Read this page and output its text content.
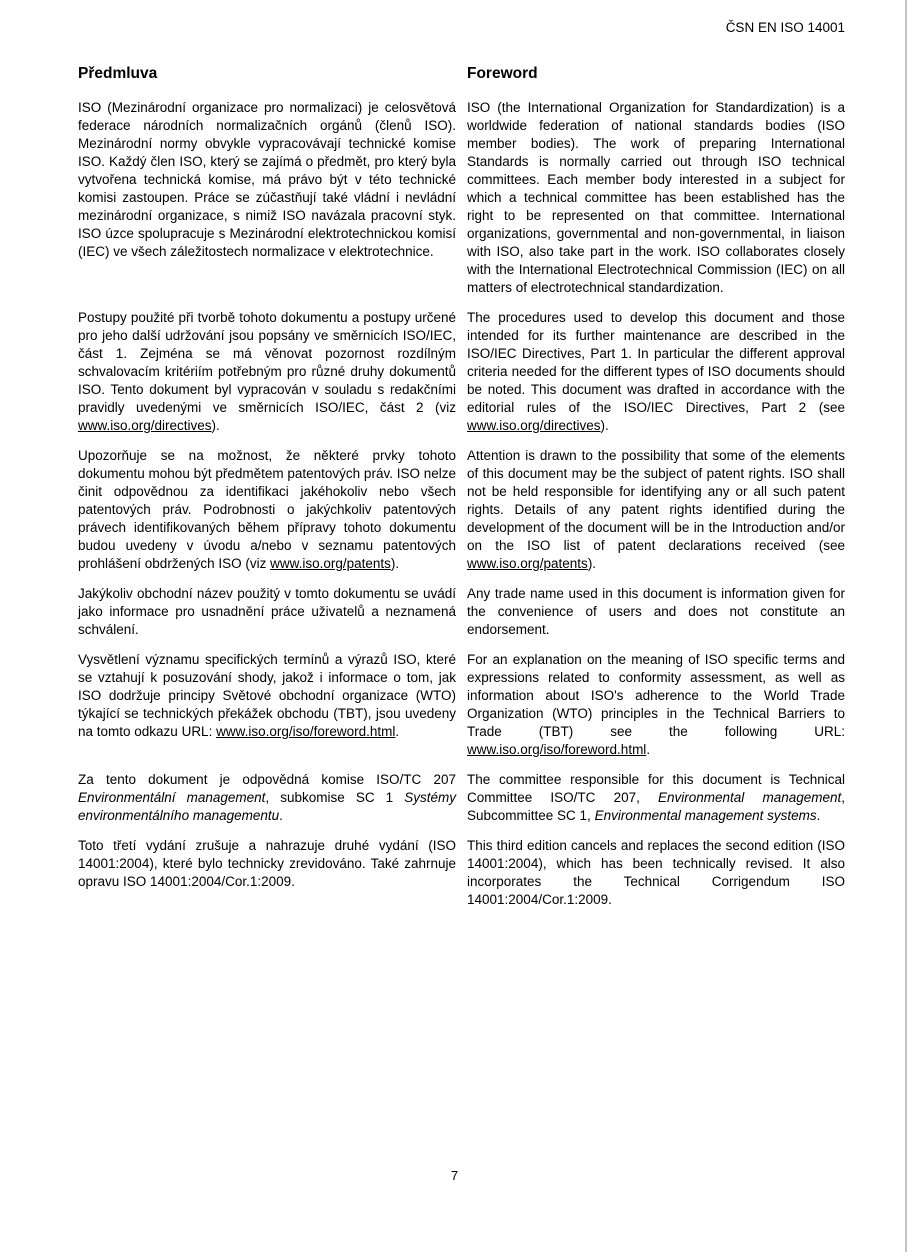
ČSN EN ISO 14001
Předmluva	Foreword

ISO (Mezinárodní organizace pro normalizaci) je celosvětová federace národních normalizačních orgánů (členů ISO). Mezinárodní normy obvykle vypracovávají technické komise ISO. Každý člen ISO, který se zajímá o předmět, pro který byla vytvořena technická komise, má právo být v této technické komisi zastoupen. Práce se zúčastňují také vládní i nevládní mezinárodní organizace, s nimiž ISO navázala pracovní styk. ISO úzce spolupracuje s Mezinárodní elektrotechnickou komisí (IEC) ve všech záležitostech normalizace v elektrotechnice.

ISO (the International Organization for Standardization) is a worldwide federation of national standards bodies (ISO member bodies). The work of preparing International Standards is normally carried out through ISO technical committees. Each member body interested in a subject for which a technical committee has been established has the right to be represented on that committee. International organizations, governmental and non-governmental, in liaison with ISO, also take part in the work. ISO collaborates closely with the International Electrotechnical Commission (IEC) on all matters of electrotechnical standardization.

Postupy použité při tvorbě tohoto dokumentu a postupy určené pro jeho další udržování jsou popsány ve směrnicích ISO/IEC, část 1. Zejména se má věnovat pozornost rozdílným schvalovacím kritériím potřebným pro různé druhy dokumentů ISO. Tento dokument byl vypracován v souladu s redakčními pravidly uvedenými ve směrnicích ISO/IEC, část 2 (viz www.iso.org/directives).

The procedures used to develop this document and those intended for its further maintenance are described in the ISO/IEC Directives, Part 1. In particular the different approval criteria needed for the different types of ISO documents should be noted. This document was drafted in accordance with the editorial rules of the ISO/IEC Directives, Part 2 (see www.iso.org/directives).

Upozorňuje se na možnost, že některé prvky tohoto dokumentu mohou být předmětem patentových práv. ISO nelze činit odpovědnou za identifikaci jakéhokoliv nebo všech patentových práv. Podrobnosti o jakýchkoliv patentových právech identifikovaných během přípravy tohoto dokumentu budou uvedeny v úvodu a/nebo v seznamu patentových prohlášení obdržených ISO (viz www.iso.org/patents).

Attention is drawn to the possibility that some of the elements of this document may be the subject of patent rights. ISO shall not be held responsible for identifying any or all such patent rights. Details of any patent rights identified during the development of the document will be in the Introduction and/or on the ISO list of patent declarations received (see www.iso.org/patents).

Jakýkoliv obchodní název použitý v tomto dokumentu se uvádí jako informace pro usnadnění práce uživatelů a neznamená schválení.

Any trade name used in this document is information given for the convenience of users and does not constitute an endorsement.

Vysvětlení významu specifických termínů a výrazů ISO, které se vztahují k posuzování shody, jakož i informace o tom, jak ISO dodržuje principy Světové obchodní organizace (WTO) týkající se technických překážek obchodu (TBT), jsou uvedeny na tomto odkazu URL: www.iso.org/iso/foreword.html.

For an explanation on the meaning of ISO specific terms and expressions related to conformity assessment, as well as information about ISO's adherence to the World Trade Organization (WTO) principles in the Technical Barriers to Trade (TBT) see the following URL: www.iso.org/iso/foreword.html.

Za tento dokument je odpovědná komise ISO/TC 207 Environmentální management, subkomise SC 1 Systémy environmentálního managementu.

The committee responsible for this document is Technical Committee ISO/TC 207, Environmental management, Subcommittee SC 1, Environmental management systems.

Toto třetí vydání zrušuje a nahrazuje druhé vydání (ISO 14001:2004), které bylo technicky zrevidováno. Také zahrnuje opravu ISO 14001:2004/Cor.1:2009.

This third edition cancels and replaces the second edition (ISO 14001:2004), which has been technically revised. It also incorporates the Technical Corrigendum ISO 14001:2004/Cor.1:2009.

7
